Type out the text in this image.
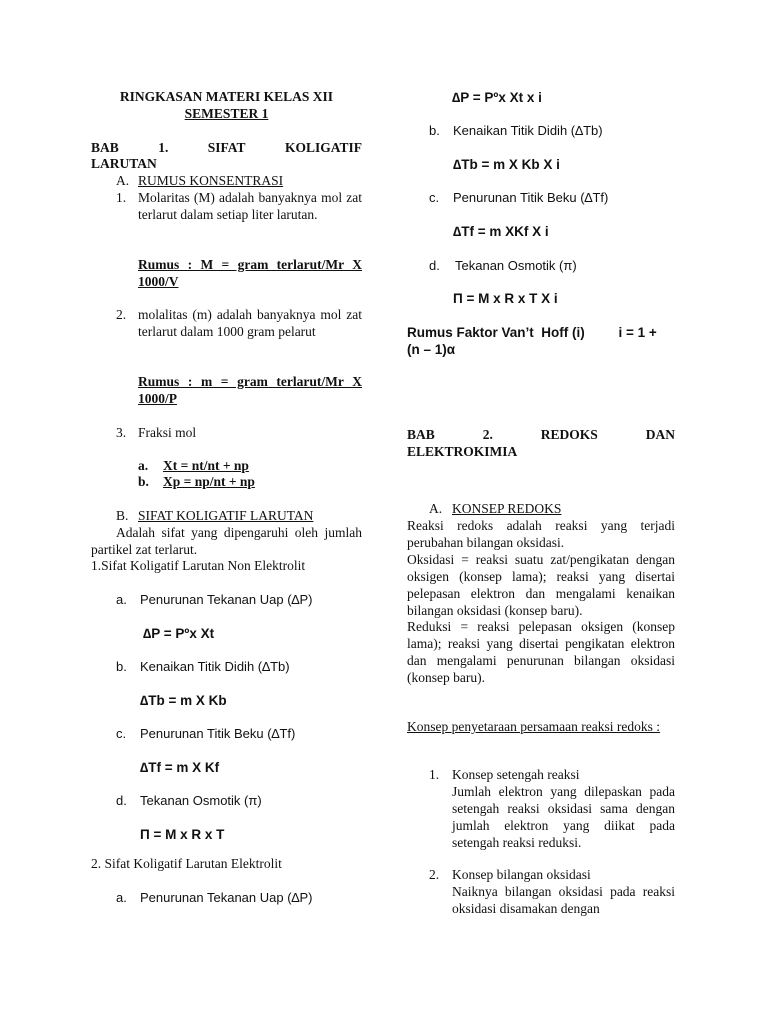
RINGKASAN MATERI KELAS XII
SEMESTER 1
BAB	1.	SIFAT	KOLIGATIF
LARUTAN
A. RUMUS KONSENTRASI
1. Molaritas (M) adalah banyaknya mol zat terlarut dalam setiap liter larutan.
Rumus : M = gram terlarut/Mr X 1000/V
2. molalitas (m) adalah banyaknya mol zat terlarut dalam 1000 gram pelarut
Rumus : m = gram terlarut/Mr X 1000/P
3. Fraksi mol
a. Xt = nt/nt + np
b. Xp = np/nt + np
B. SIFAT KOLIGATIF LARUTAN
Adalah sifat yang dipengaruhi oleh jumlah partikel zat terlarut.
1.Sifat Koligatif Larutan Non Elektrolit
a. Penurunan Tekanan Uap (∆P)
∆P = Pºx Xt
b. Kenaikan Titik Didih (∆Tb)
∆Tb = m X Kb
c. Penurunan Titik Beku (∆Tf)
∆Tf = m X Kf
d. Tekanan Osmotik (π)
Π = M x R x T
2. Sifat Koligatif Larutan Elektrolit
a. Penurunan Tekanan Uap (∆P)
∆P = Pºx Xt x i
b. Kenaikan Titik Didih (∆Tb)
∆Tb = m X Kb X i
c. Penurunan Titik Beku (∆Tf)
∆Tf = m XKf X i
d. Tekanan Osmotik (π)
Π = M x R x T X i
Rumus Faktor Van’t  Hoff (i)         i = 1 +
(n – 1)α
BAB	2.	REDOKS	DAN
ELEKTROKIMIA
A. KONSEP REDOKS
Reaksi redoks adalah reaksi yang terjadi perubahan bilangan oksidasi.
Oksidasi = reaksi suatu zat/pengikatan dengan oksigen (konsep lama); reaksi yang disertai pelepasan elektron dan mengalami kenaikan bilangan oksidasi (konsep baru).
Reduksi = reaksi pelepasan oksigen (konsep lama); reaksi yang disertai pengikatan elektron dan mengalami penurunan bilangan oksidasi (konsep baru).
Konsep penyetaraan persamaan reaksi redoks :
1. Konsep setengah reaksi
Jumlah elektron yang dilepaskan pada setengah reaksi oksidasi sama dengan jumlah elektron yang diikat pada setengah reaksi reduksi.
2. Konsep bilangan oksidasi
Naiknya bilangan oksidasi pada reaksi oksidasi disamakan dengan
